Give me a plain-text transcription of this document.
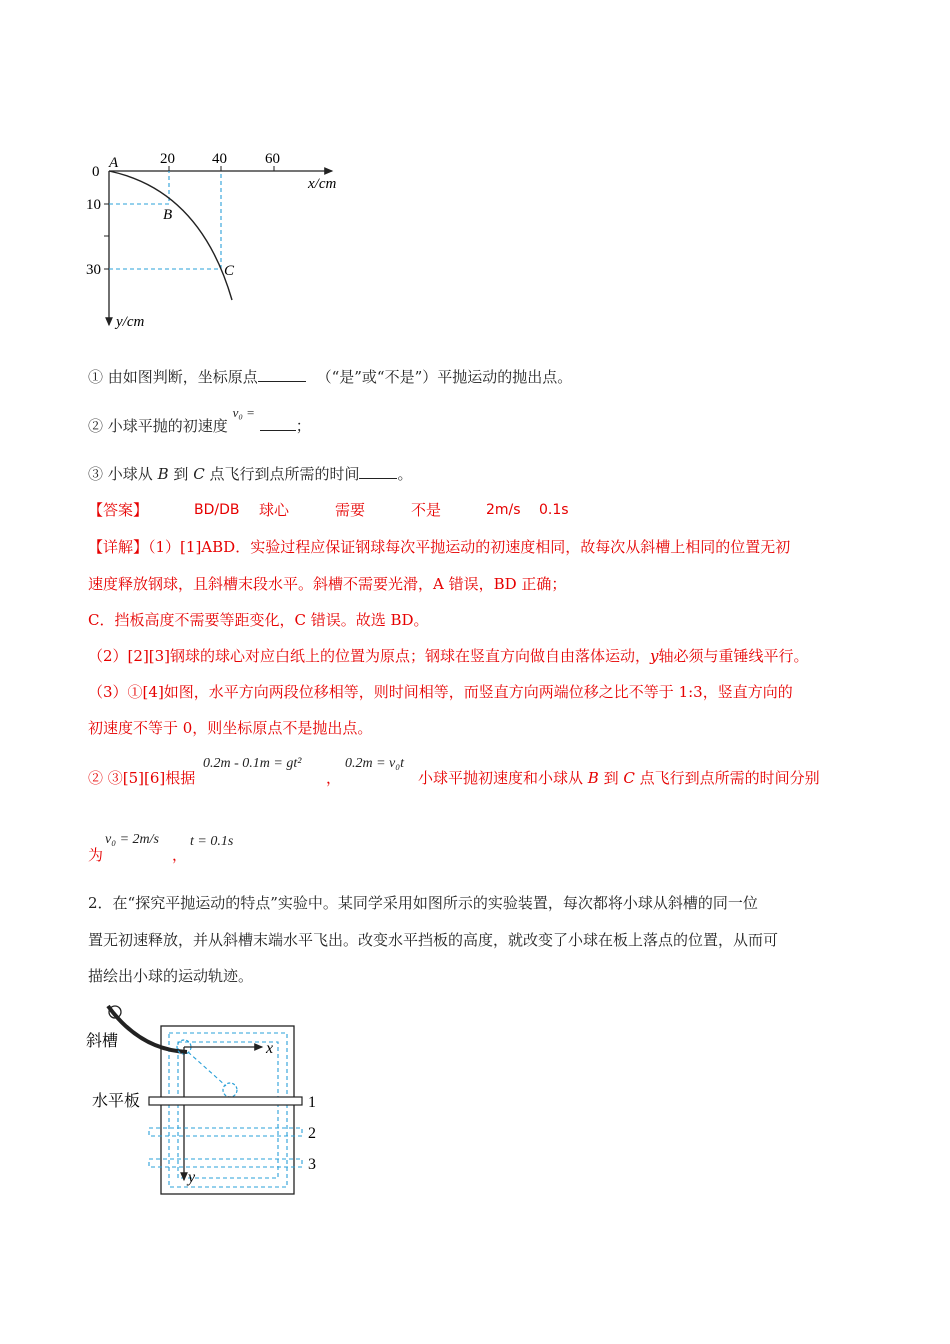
0
A
B
C
20 40	60
10
30
x/cm
y/cm
① 由如图判断，坐标原点	（“是”或“不是”）平抛运动的抛出点。
② 小球平抛的初速度 v₀ = ；
③ 小球从 B 到 C 点飞行到点所需的时间	。
【答案】	BD/DB 球心	需要	不是	2m/s 0.1s
【详解】（1）[1]ABD．实验过程应保证钢球每次平抛运动的初速度相同，故每次从斜槽上相同的位置无初
速度释放钢球，且斜槽末段水平。斜槽不需要光滑，A 错误，BD 正确；
C．挡板高度不需要等距变化，C 错误。故选 BD。
（2）[2][3]钢球的球心对应白纸上的位置为原点；钢球在竖直方向做自由落体运动，y轴必须与重锤线平行。
（3）①[4]如图，水平方向两段位移相等，则时间相等，而竖直方向两端位移之比不等于 1:3，竖直方向的
初速度不等于 0，则坐标原点不是抛出点。
② ③[5][6]根据
0.2m - 0.1m = gt²
，
0.2m = v₀t
小球平抛初速度和小球从 B 到 C 点飞行到点所需的时间分别
为
v₀ = 2m/s
，
t = 0.1s
2．在“探究平抛运动的特点”实验中。某同学采用如图所示的实验装置，每次都将小球从斜槽的同一位
置无初速释放，并从斜槽末端水平飞出。改变水平挡板的高度，就改变了小球在板上落点的位置，从而可
描绘出小球的运动轨迹。
斜槽
水平板
x
y
1
2
3
